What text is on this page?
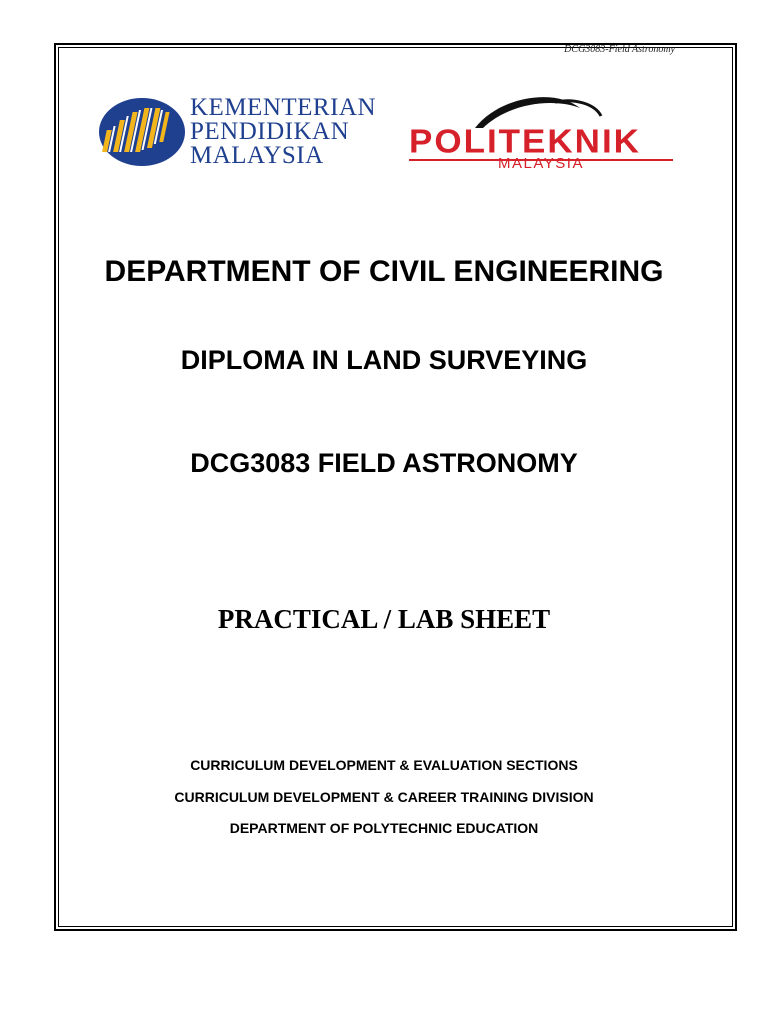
DCG3083-Field Astronomy
KEMENTERIAN
PENDIDIKAN
MALAYSIA	POLITEKNIK
MALAYSIA
DEPARTMENT OF CIVIL ENGINEERING
DIPLOMA IN LAND SURVEYING
DCG3083 FIELD ASTRONOMY
PRACTICAL / LAB SHEET
CURRICULUM DEVELOPMENT & EVALUATION SECTIONS
CURRICULUM DEVELOPMENT & CAREER TRAINING DIVISION
DEPARTMENT OF POLYTECHNIC EDUCATION
